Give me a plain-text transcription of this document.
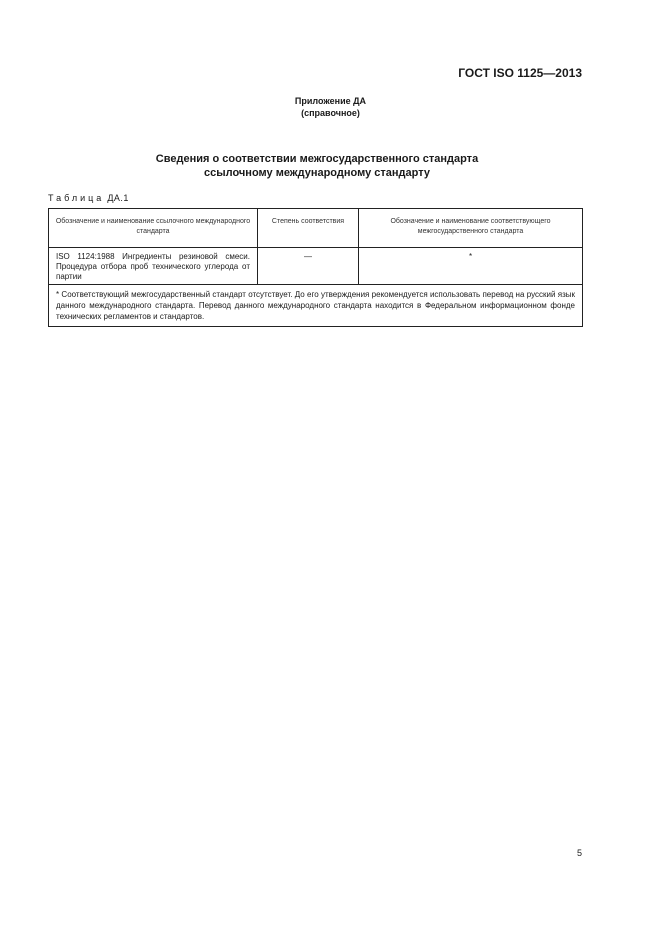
ГОСТ ISO 1125—2013
Приложение ДА
(справочное)
Сведения о соответствии межгосударственного стандарта
ссылочному международному стандарту
Таблица ДА.1
Обозначение и наименование ссылочного международного стандарта	Степень соответствия	Обозначение и наименование соответствующего межгосударственного стандарта
ISO 1124:1988 Ингредиенты резиновой смеси. Процедура отбора проб технического углерода от партии	—	*
* Соответствующий межгосударственный стандарт отсутствует. До его утверждения рекомендуется использовать перевод на русский язык данного международного стандарта. Перевод данного международного стандарта находится в Федеральном информационном фонде технических регламентов и стандартов.		
5
